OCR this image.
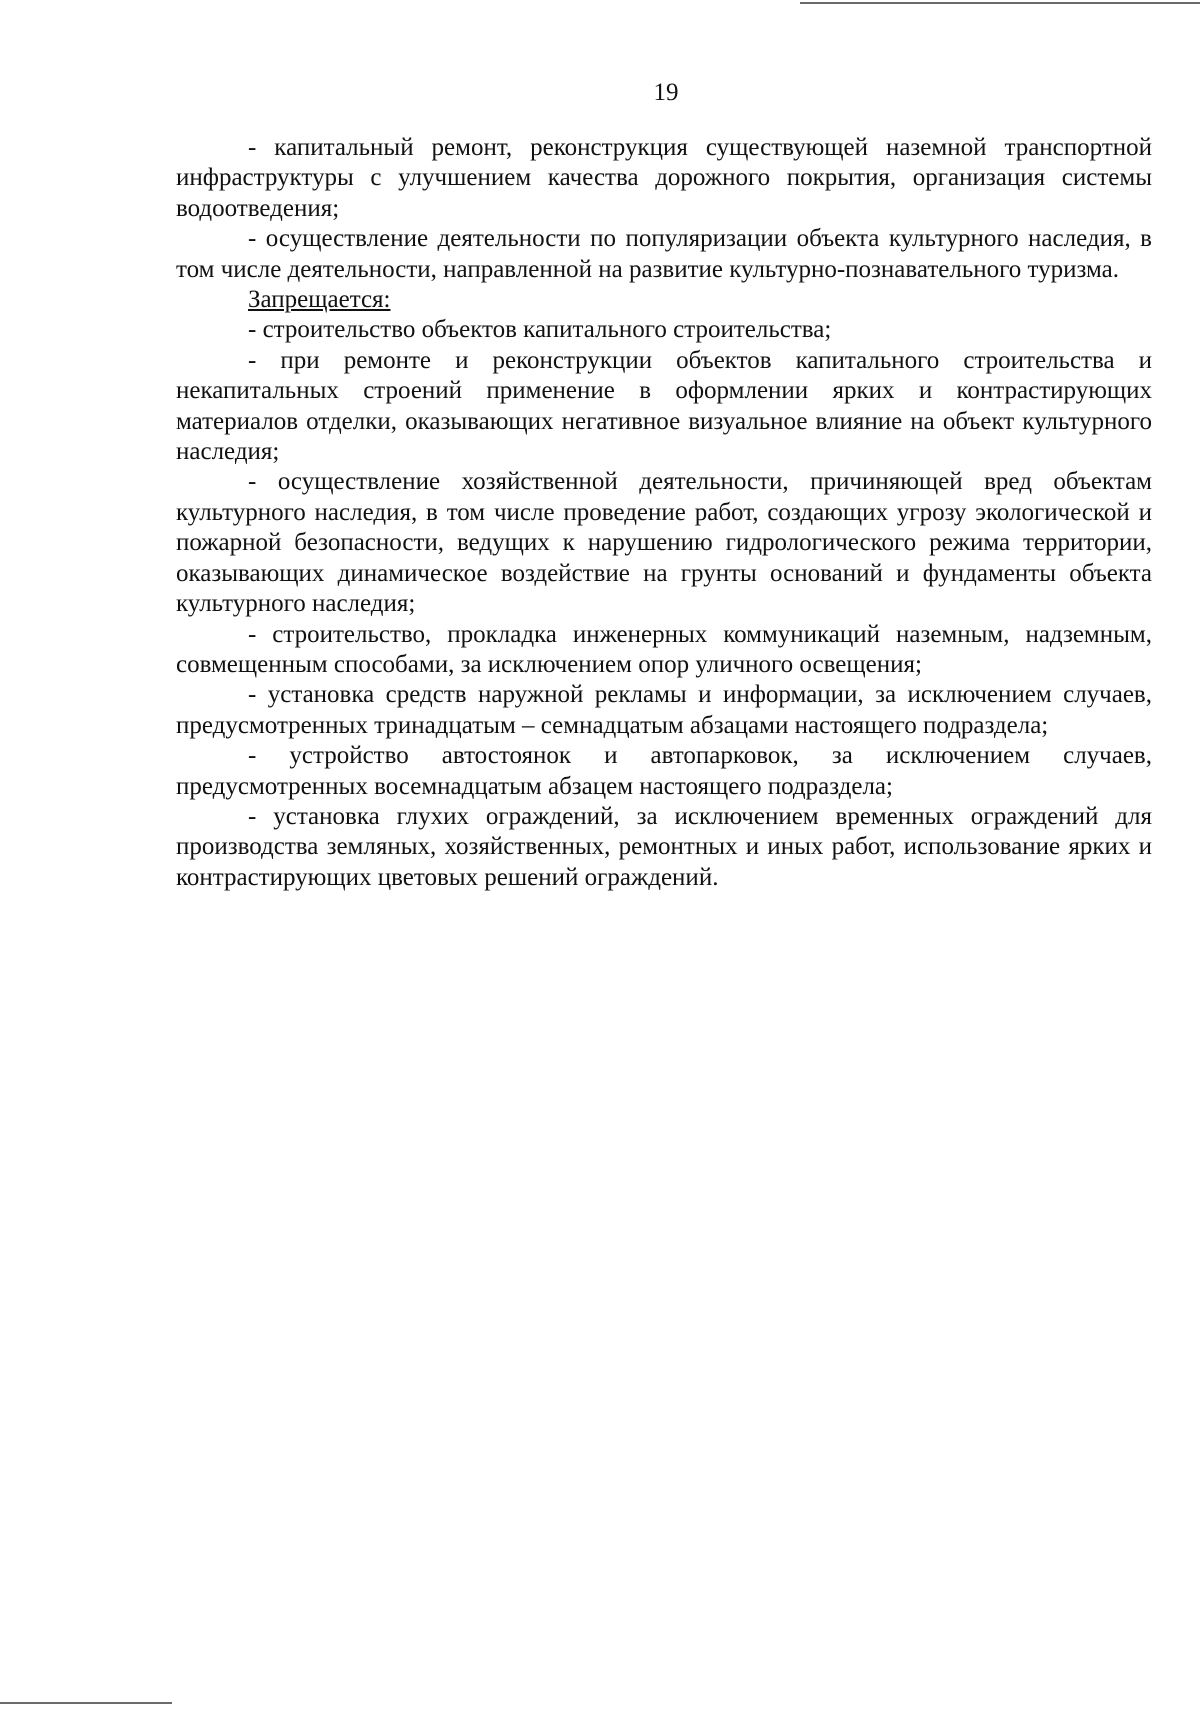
19

- капитальный ремонт, реконструкция существующей наземной транспортной инфраструктуры с улучшением качества дорожного покрытия, организация системы водоотведения;

- осуществление деятельности по популяризации объекта культурного наследия, в том числе деятельности, направленной на развитие культурно-познавательного туризма.

Запрещается:

- строительство объектов капитального строительства;

- при ремонте и реконструкции объектов капитального строительства и некапитальных строений применение в оформлении ярких и контрастирующих материалов отделки, оказывающих негативное визуальное влияние на объект культурного наследия;

- осуществление хозяйственной деятельности, причиняющей вред объектам культурного наследия, в том числе проведение работ, создающих угрозу экологической и пожарной безопасности, ведущих к нарушению гидрологического режима территории, оказывающих динамическое воздействие на грунты оснований и фундаменты объекта культурного наследия;

- строительство, прокладка инженерных коммуникаций наземным, надземным, совмещенным способами, за исключением опор уличного освещения;

- установка средств наружной рекламы и информации, за исключением случаев, предусмотренных тринадцатым – семнадцатым абзацами настоящего подраздела;

- устройство автостоянок и автопарковок, за исключением случаев, предусмотренных восемнадцатым абзацем настоящего подраздела;

- установка глухих ограждений, за исключением временных ограждений для производства земляных, хозяйственных, ремонтных и иных работ, использование ярких и контрастирующих цветовых решений ограждений.
